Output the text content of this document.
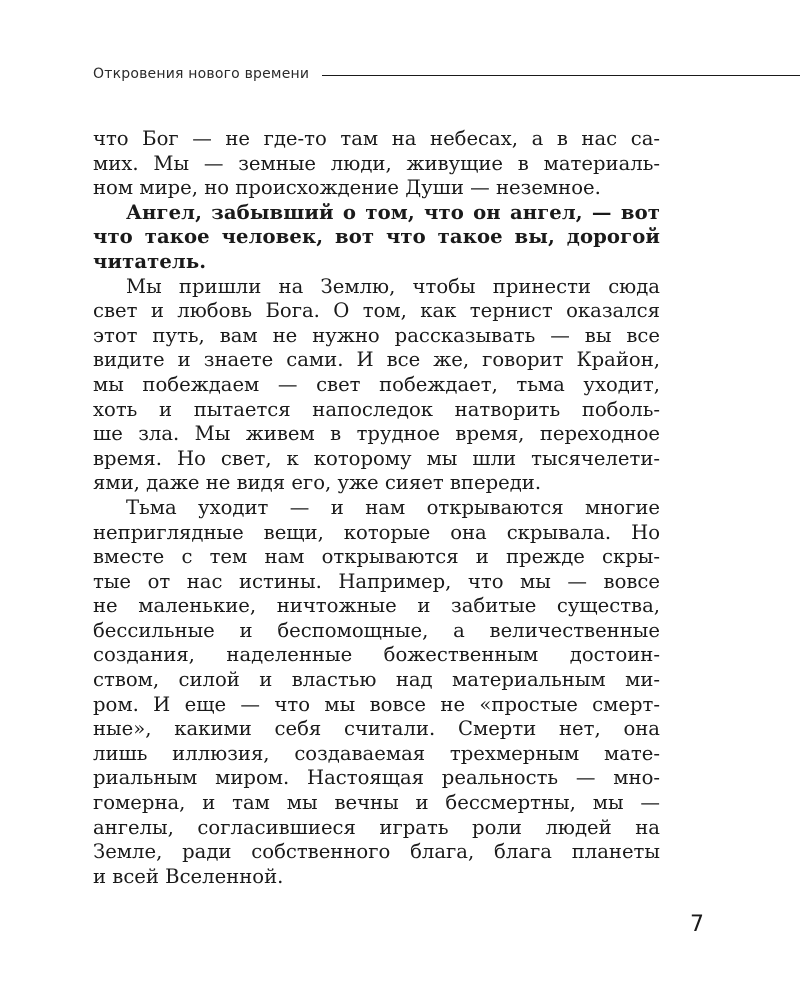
Откровения нового времени
что Бог — не где-то там на небесах, а в нас са-
мих. Мы — земные люди, живущие в материаль-
ном мире, но происхождение Души — неземное.
Ангел, забывший о том, что он ангел, — вот
что такое человек, вот что такое вы, дорогой
читатель.
Мы пришли на Землю, чтобы принести сюда
свет и любовь Бога. О том, как тернист оказался
этот путь, вам не нужно рассказывать — вы все
видите и знаете сами. И все же, говорит Крайон,
мы побеждаем — свет побеждает, тьма уходит,
хоть и пытается напоследок натворить поболь-
ше зла. Мы живем в трудное время, переходное
время. Но свет, к которому мы шли тысячелети-
ями, даже не видя его, уже сияет впереди.
Тьма уходит — и нам открываются многие
неприглядные вещи, которые она скрывала. Но
вместе с тем нам открываются и прежде скры-
тые от нас истины. Например, что мы — вовсе
не маленькие, ничтожные и забитые существа,
бессильные и беспомощные, а величественные
создания, наделенные божественным достоин-
ством, силой и властью над материальным ми-
ром. И еще — что мы вовсе не «простые смерт-
ные», какими себя считали. Смерти нет, она
лишь иллюзия, создаваемая трехмерным мате-
риальным миром. Настоящая реальность — мно-
гомерна, и там мы вечны и бессмертны, мы —
ангелы, согласившиеся играть роли людей на
Земле, ради собственного блага, блага планеты
и всей Вселенной.
7
